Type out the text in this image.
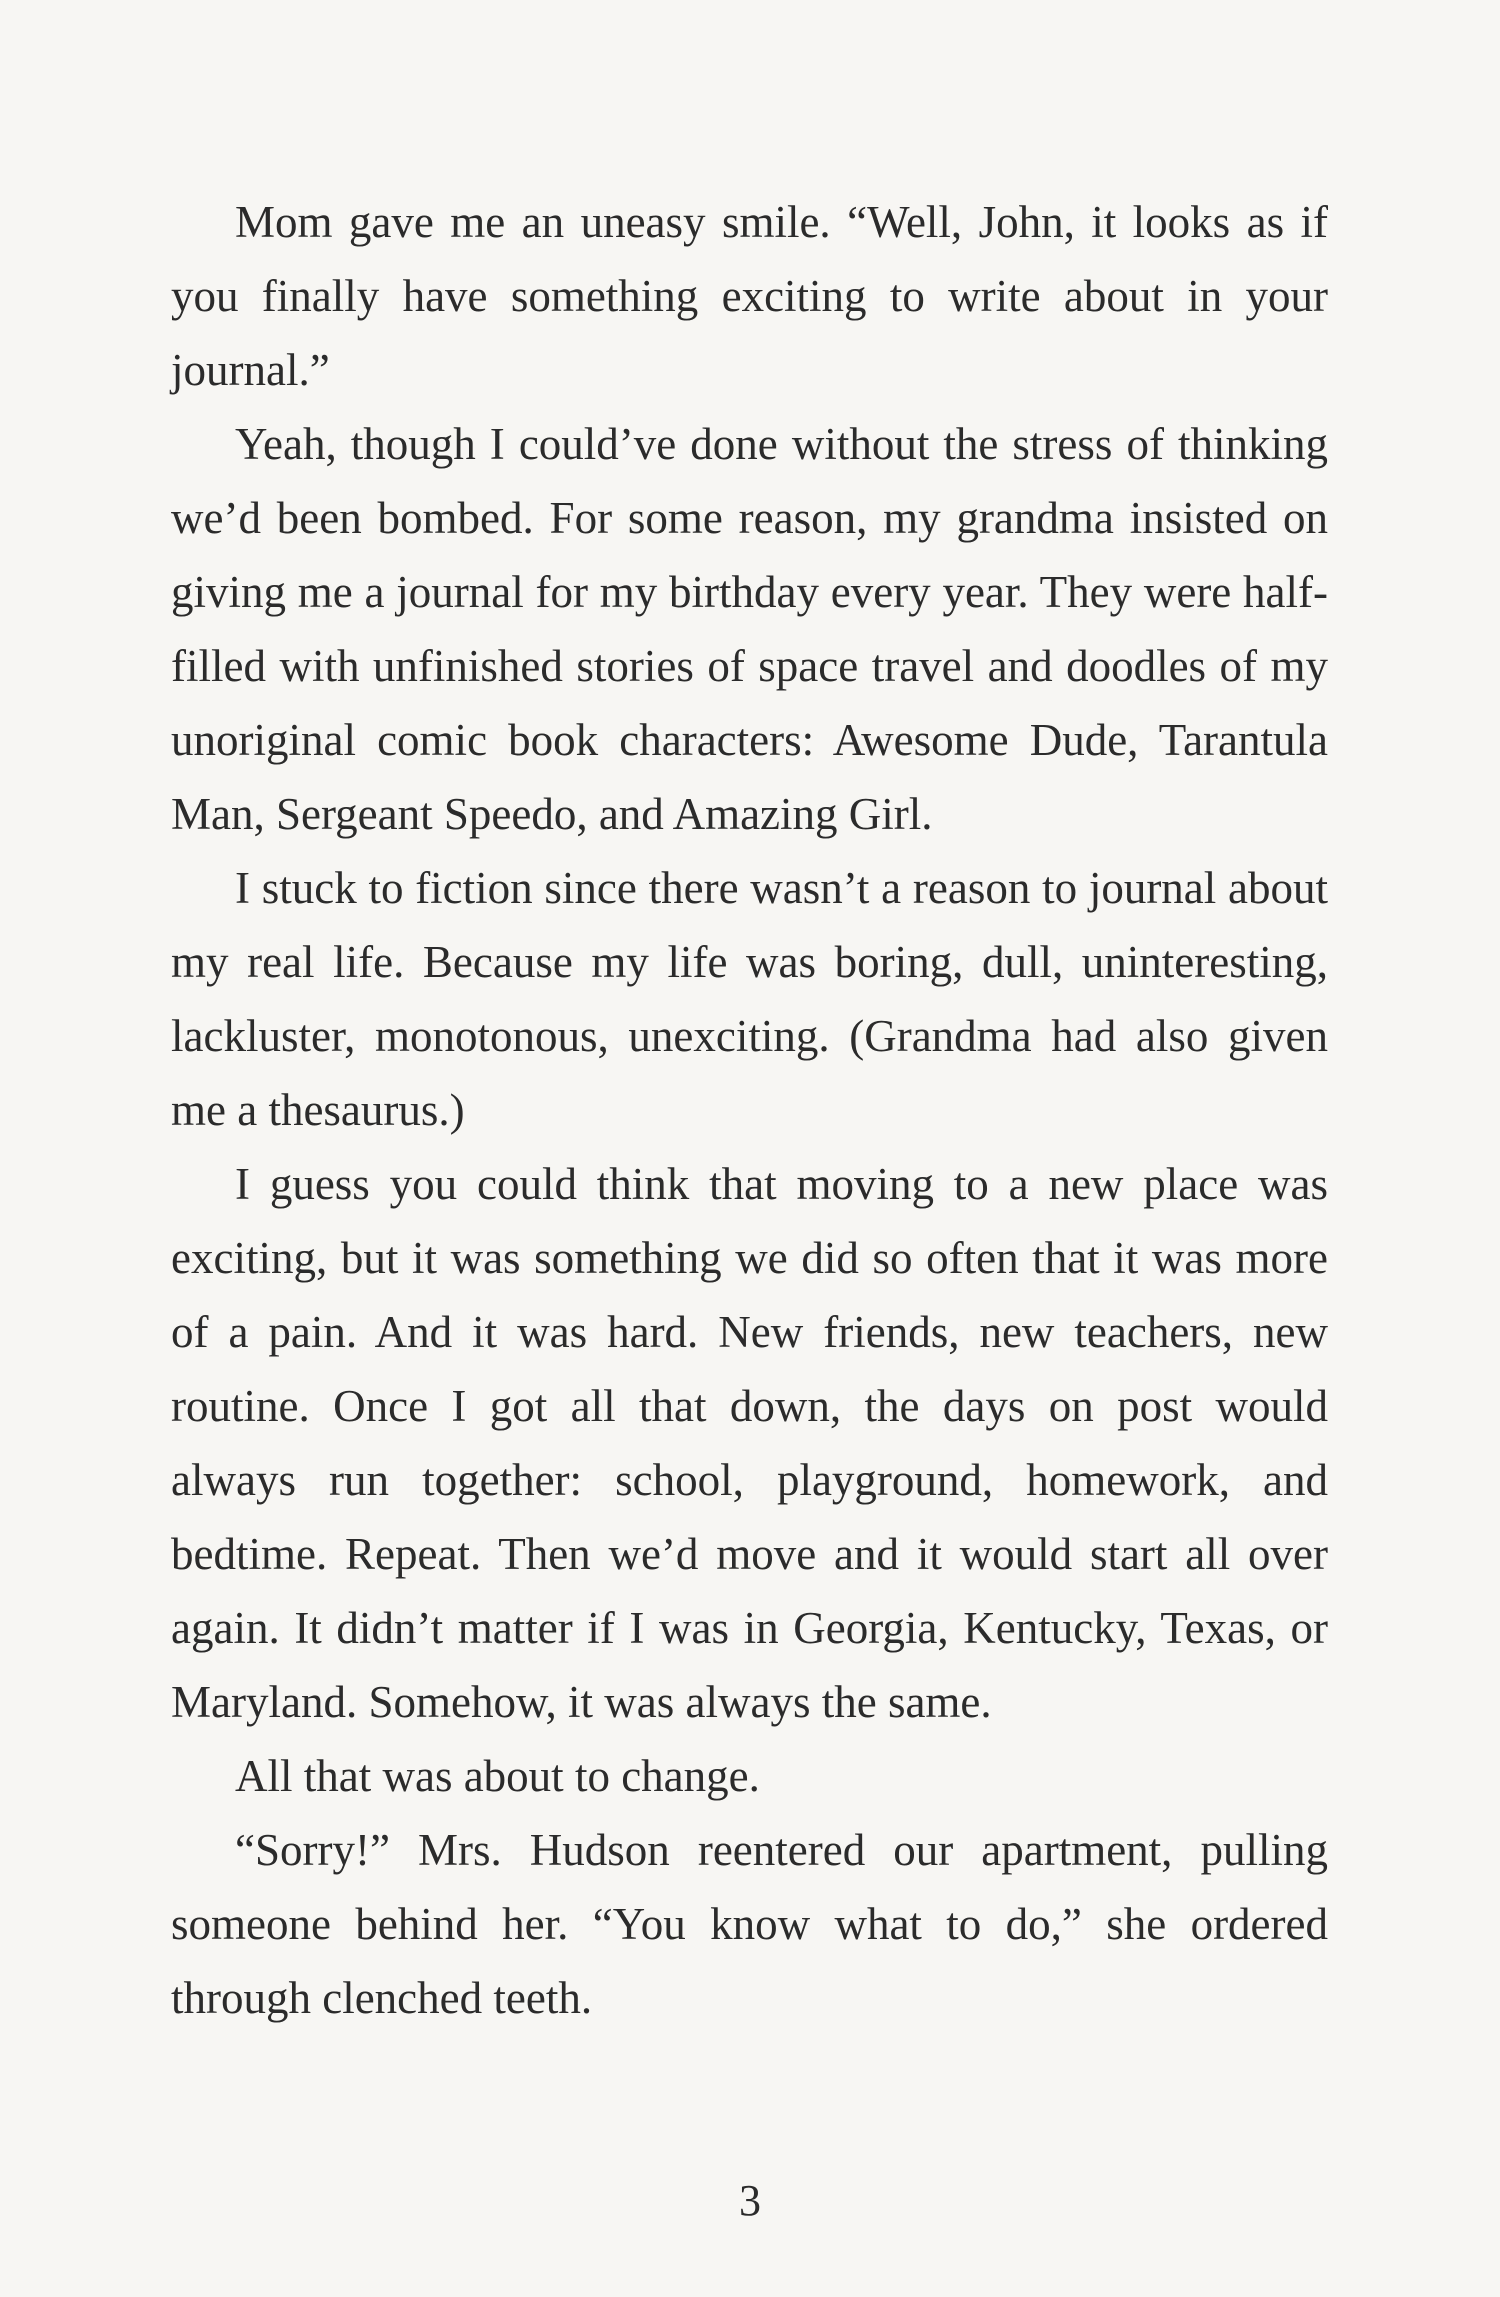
Mom gave me an uneasy smile. “Well, John, it looks as if you finally have something exciting to write about in your journal.”

Yeah, though I could’ve done without the stress of thinking we’d been bombed. For some reason, my grandma insisted on giving me a journal for my birthday every year. They were half-filled with unfinished stories of space travel and doodles of my unoriginal comic book characters: Awesome Dude, Tarantula Man, Sergeant Speedo, and Amazing Girl.

I stuck to fiction since there wasn’t a reason to journal about my real life. Because my life was boring, dull, uninteresting, lackluster, monotonous, unexciting. (Grandma had also given me a thesaurus.)

I guess you could think that moving to a new place was exciting, but it was something we did so often that it was more of a pain. And it was hard. New friends, new teachers, new routine. Once I got all that down, the days on post would always run together: school, playground, homework, and bedtime. Repeat. Then we’d move and it would start all over again. It didn’t matter if I was in Georgia, Kentucky, Texas, or Maryland. Somehow, it was always the same.

All that was about to change.

“Sorry!” Mrs. Hudson reentered our apartment, pulling someone behind her. “You know what to do,” she ordered through clenched teeth.

3
